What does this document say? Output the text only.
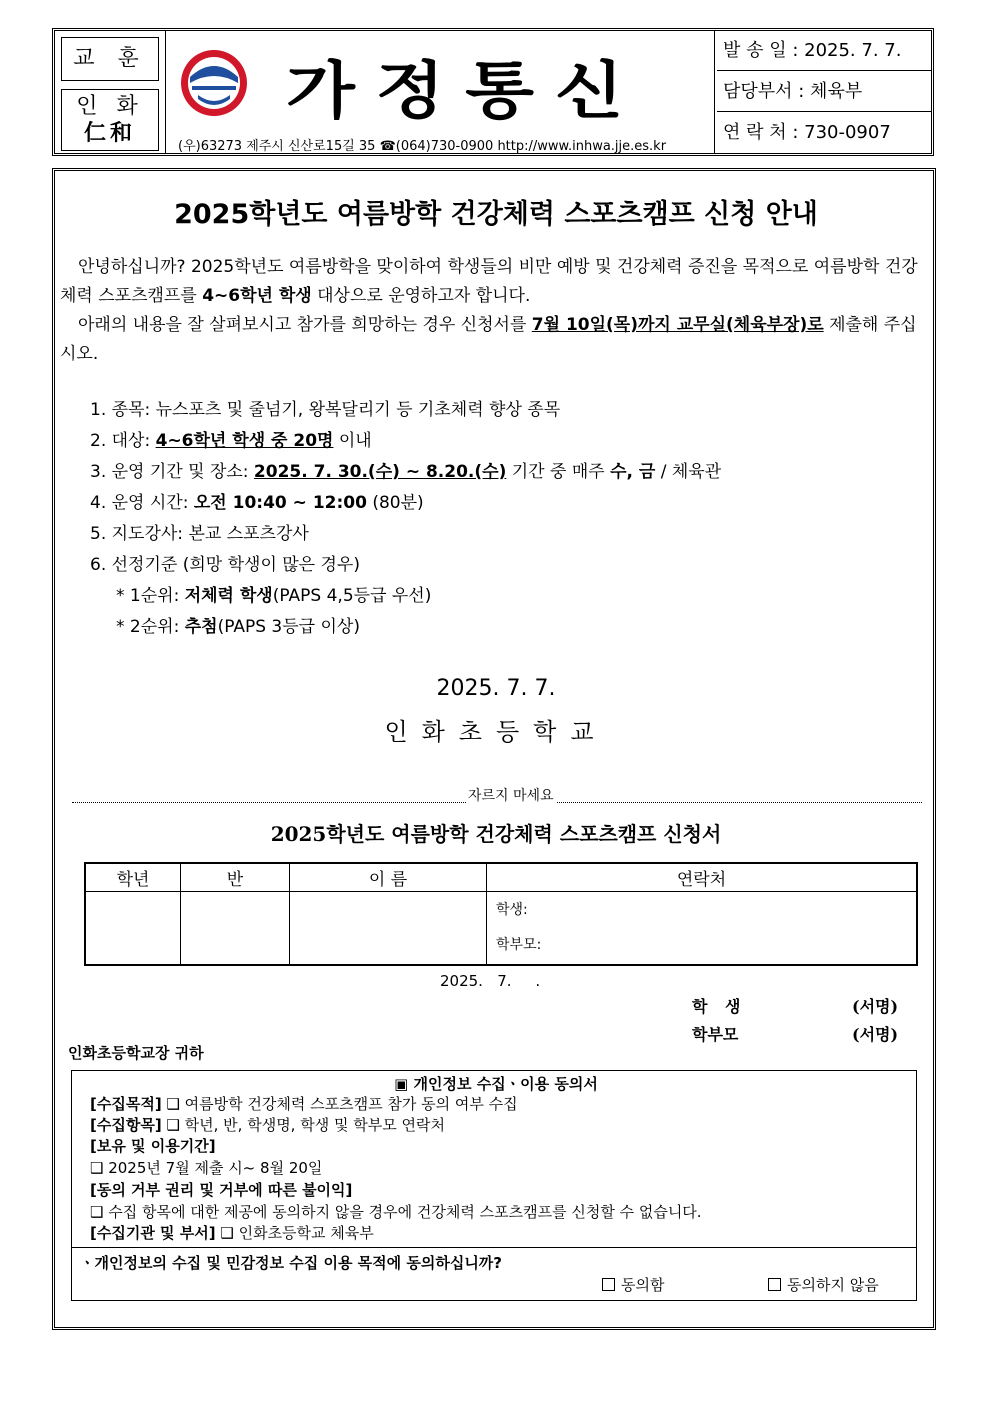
교 훈
인 화
仁和
가정통신
(우)63273 제주시 신산로15길 35 ☎(064)730-0900 http://www.inhwa.jje.es.kr
발 송 일 : 2025. 7. 7.
담당부서 : 체육부
연 락 처 : 730-0907
2025학년도 여름방학 건강체력 스포츠캠프 신청 안내
안녕하십니까? 2025학년도 여름방학을 맞이하여 학생들의 비만 예방 및 건강체력 증진을 목적으로 여름방학 건강체력 스포츠캠프를 4~6학년 학생 대상으로 운영하고자 합니다.
아래의 내용을 잘 살펴보시고 참가를 희망하는 경우 신청서를 7월 10일(목)까지 교무실(체육부장)로 제출해 주십시오.
1. 종목: 뉴스포츠 및 줄넘기, 왕복달리기 등 기초체력 향상 종목
2. 대상: 4~6학년 학생 중 20명 이내
3. 운영 기간 및 장소: 2025. 7. 30.(수) ~ 8.20.(수) 기간 중 매주 수, 금 / 체육관
4. 운영 시간: 오전 10:40 ~ 12:00 (80분)
5. 지도강사: 본교 스포츠강사
6. 선정기준 (희망 학생이 많은 경우)
* 1순위: 저체력 학생(PAPS 4,5등급 우선)
* 2순위: 추첨(PAPS 3등급 이상)
2025. 7. 7.
인화초등학교
자르지 마세요
2025학년도 여름방학 건강체력 스포츠캠프 신청서
학년	반	이 름	연락처

			학생:
학부모:
2025.   7.     .
학 생	(서명)
학부모	(서명)
인화초등학교장 귀하
▣ 개인정보 수집ㆍ이용 동의서
[수집목적] ❑ 여름방학 건강체력 스포츠캠프 참가 동의 여부 수집
[수집항목] ❑ 학년, 반, 학생명, 학생 및 학부모 연락처
[보유 및 이용기간]
❑ 2025년 7월 제출 시~ 8월 20일
[동의 거부 권리 및 거부에 따른 불이익]
❑ 수집 항목에 대한 제공에 동의하지 않을 경우에 건강체력 스포츠캠프를 신청할 수 없습니다.
[수집기관 및 부서] ❑ 인화초등학교 체육부
ㆍ개인정보의 수집 및 민감정보 수집 이용 목적에 동의하십니까?
동의함	동의하지 않음
